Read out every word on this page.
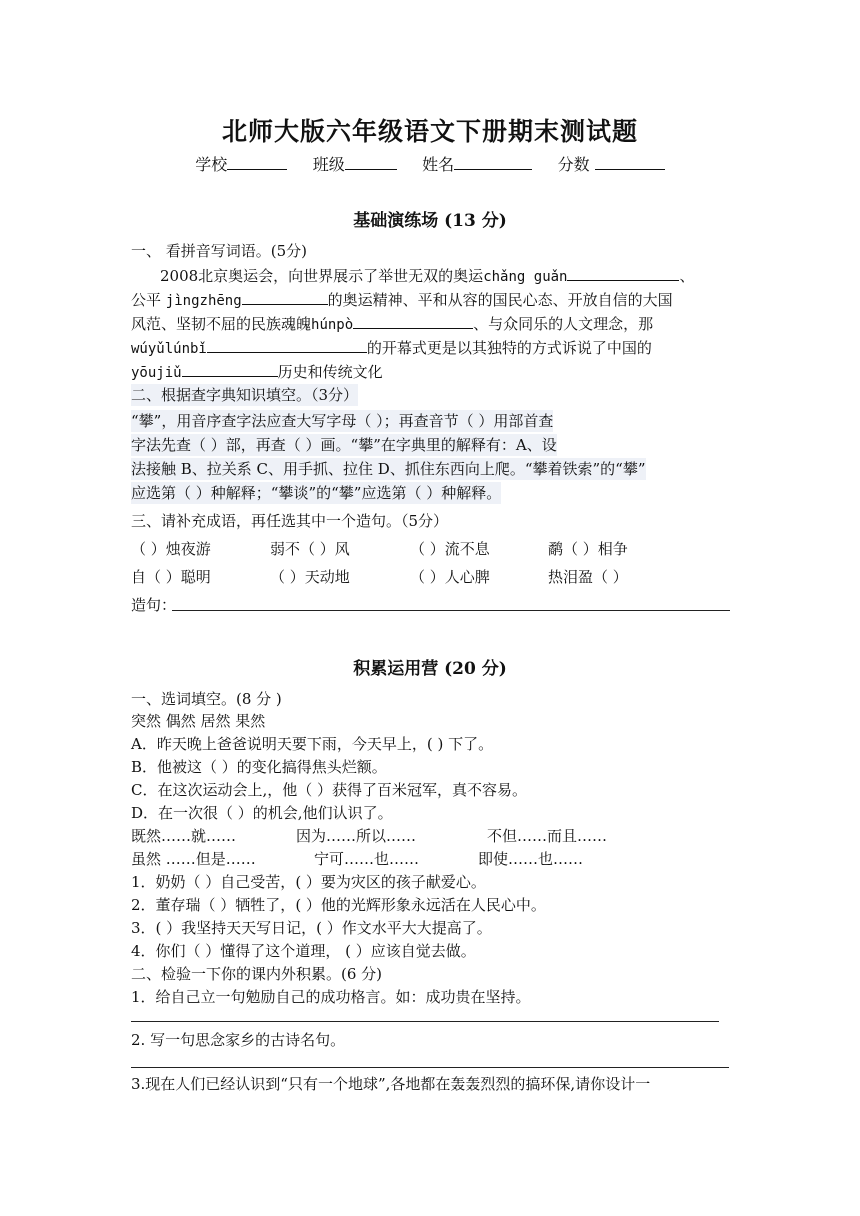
北师大版六年级语文下册期末测试题
学校	班级	姓名	分数
基础演练场 (13 分)
一、 看拼音写词语。(5分)
2008北京奥运会，向世界展示了举世无双的奥运chǎng guǎn	、
公平 jìngzhēng	的奥运精神、平和从容的国民心态、开放自信的大国
风范、坚韧不屈的民族魂魄húnpò	、与众同乐的人文理念，那
wúyǔlúnbǐ	的开幕式更是以其独特的方式诉说了中国的
yōujiǔ	历史和传统文化
二、根据查字典知识填空。（3分）
“攀”，用音序查字法应查大写字母（ ）；再查音节（ ）用部首查
字法先查（ ）部，再查（ ）画。“攀”在字典里的解释有：A、设
法接触 B、拉关系 C、用手抓、拉住 D、抓住东西向上爬。“攀着铁索”的“攀”
应选第（ ）种解释；“攀谈”的“攀”应选第（ ）种解释。
三、请补充成语，再任选其中一个造句。（5分）
（ ）烛夜游	弱不（ ）风	（ ）流不息	鹬（ ）相争
自（ ）聪明	（ ）天动地	（ ）人心脾	热泪盈（ ）
造句：
积累运用营 (20 分)
一、选词填空。(8 分 )
突然 偶然 居然 果然
A．昨天晚上爸爸说明天要下雨，今天早上，( ) 下了。
B．他被这（ ）的变化搞得焦头烂额。
C．在这次运动会上,，他（ ）获得了百米冠军，真不容易。
D．在一次很（ ）的机会,他们认识了。
既然……就……	因为……所以……	不但……而且……
虽然 ……但是……	宁可……也……	即使……也……
1．奶奶（ ）自己受苦，( ）要为灾区的孩子献爱心。
2．董存瑞（ ）牺牲了，( ）他的光辉形象永远活在人民心中。
3．( ）我坚持天天写日记，( ）作文水平大大提高了。
4．你们（ ）懂得了这个道理， ( ）应该自觉去做。
二、检验一下你的课内外积累。(6 分)
1．给自己立一句勉励自己的成功格言。如：成功贵在坚持。
2. 写一句思念家乡的古诗名句。
3.现在人们已经认识到“只有一个地球”,各地都在轰轰烈烈的搞环保,请你设计一
